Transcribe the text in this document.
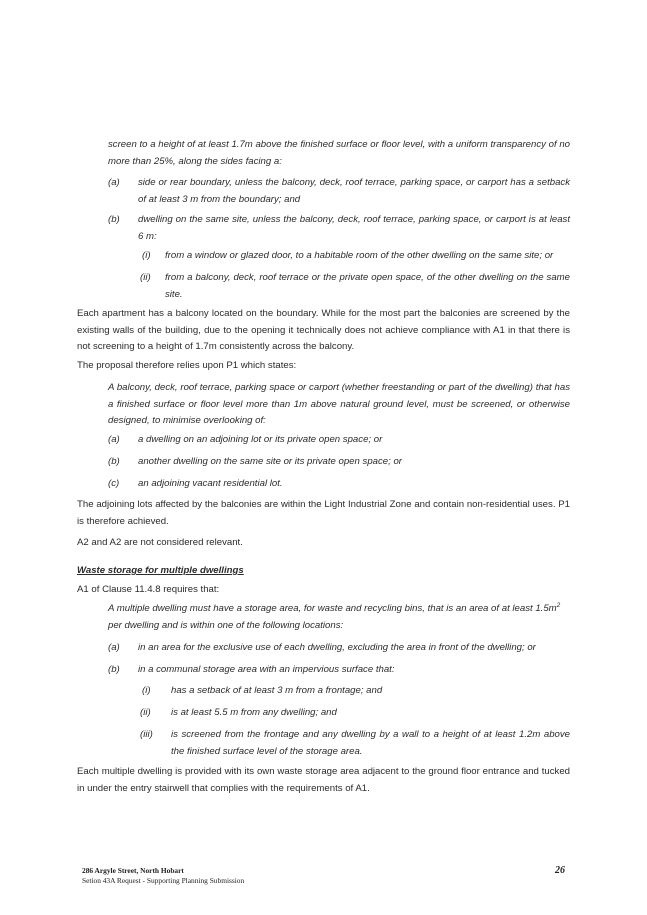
screen to a height of at least 1.7m above the finished surface or floor level, with a uniform transparency of no more than 25%, along the sides facing a:
(a) side or rear boundary, unless the balcony, deck, roof terrace, parking space, or carport has a setback of at least 3 m from the boundary; and
(b) dwelling on the same site, unless the balcony, deck, roof terrace, parking space, or carport is at least 6 m:
(i) from a window or glazed door, to a habitable room of the other dwelling on the same site; or
(ii) from a balcony, deck, roof terrace or the private open space, of the other dwelling on the same site.
Each apartment has a balcony located on the boundary. While for the most part the balconies are screened by the existing walls of the building, due to the opening it technically does not achieve compliance with A1 in that there is not screening to a height of 1.7m consistently across the balcony.
The proposal therefore relies upon P1 which states:
A balcony, deck, roof terrace, parking space or carport (whether freestanding or part of the dwelling) that has a finished surface or floor level more than 1m above natural ground level, must be screened, or otherwise designed, to minimise overlooking of:
(a) a dwelling on an adjoining lot or its private open space; or
(b) another dwelling on the same site or its private open space; or
(c) an adjoining vacant residential lot.
The adjoining lots affected by the balconies are within the Light Industrial Zone and contain non-residential uses. P1 is therefore achieved.
A2 and A2 are not considered relevant.
Waste storage for multiple dwellings
A1 of Clause 11.4.8 requires that:
A multiple dwelling must have a storage area, for waste and recycling bins, that is an area of at least $1.5m^2$
per dwelling and is within one of the following locations:
(a) in an area for the exclusive use of each dwelling, excluding the area in front of the dwelling; or
(b) in a communal storage area with an impervious surface that:
(i) has a setback of at least 3 m from a frontage; and
(ii) is at least 5.5 m from any dwelling; and
(iii) is screened from the frontage and any dwelling by a wall to a height of at least 1.2m above the finished surface level of the storage area.
Each multiple dwelling is provided with its own waste storage area adjacent to the ground floor entrance and tucked in under the entry stairwell that complies with the requirements of A1.
286 Argyle Street, North Hobart
Setion 43A Request - Supporting Planning Submission
26
